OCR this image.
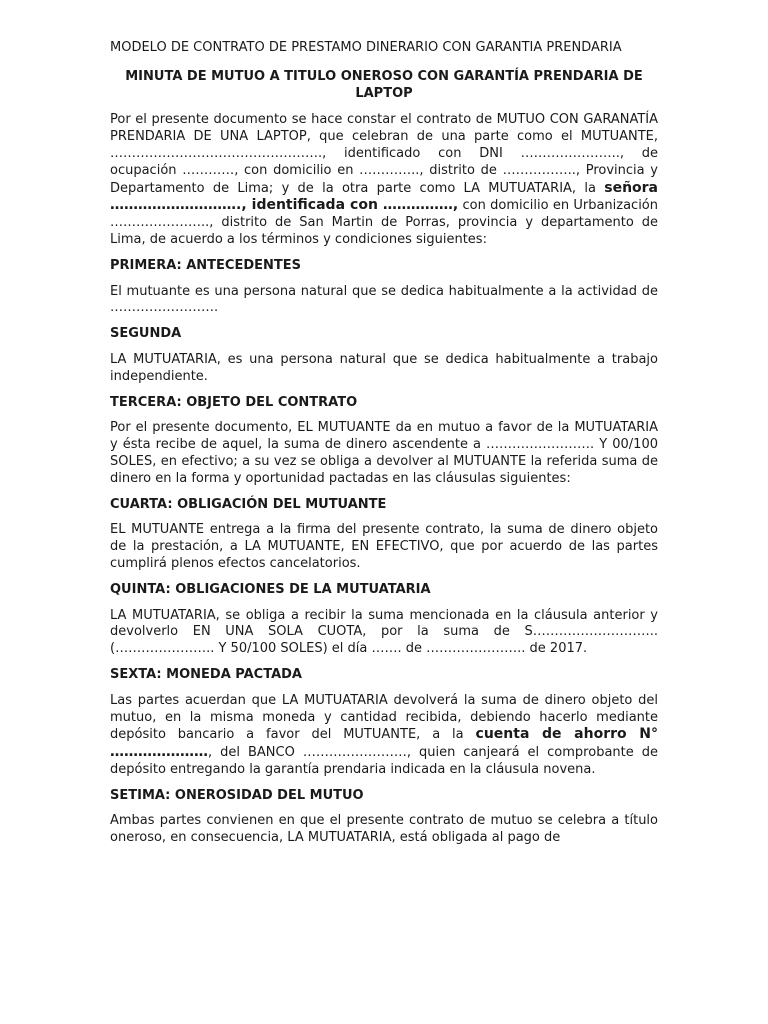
MODELO DE CONTRATO DE PRESTAMO DINERARIO CON GARANTIA PRENDARIA

MINUTA DE MUTUO A TITULO ONEROSO CON GARANTÍA PRENDARIA DE LAPTOP

Por el presente documento se hace constar el contrato de MUTUO CON GARANATÍA PRENDARIA DE UNA LAPTOP, que celebran de una parte como el MUTUANTE, …………………………………………., identificado con DNI ………………….., de ocupación …………, con domicilio en ………….., distrito de …………….., Provincia y Departamento de Lima; y de la otra parte como LA MUTUATARIA, la señora ………………………., identificada con ……………, con domicilio en Urbanización ………………….., distrito de San Martin de Porras, provincia y departamento de Lima, de acuerdo a los términos y condiciones siguientes:

PRIMERA: ANTECEDENTES

El mutuante es una persona natural que se dedica habitualmente a la actividad de …………………….

SEGUNDA

LA MUTUATARIA, es una persona natural que se dedica habitualmente a trabajo independiente.

TERCERA: OBJETO DEL CONTRATO

Por el presente documento, EL MUTUANTE da en mutuo a favor de la MUTUATARIA y ésta recibe de aquel, la suma de dinero ascendente a ……………………. Y 00/100 SOLES, en efectivo; a su vez se obliga a devolver al MUTUANTE la referida suma de dinero en la forma y oportunidad pactadas en las cláusulas siguientes:

CUARTA: OBLIGACIÓN DEL MUTUANTE

EL MUTUANTE entrega a la firma del presente contrato, la suma de dinero objeto de la prestación, a LA MUTUANTE, EN EFECTIVO, que por acuerdo de las partes cumplirá plenos efectos cancelatorios.

QUINTA: OBLIGACIONES DE LA MUTUATARIA

LA MUTUATARIA, se obliga a recibir la suma mencionada en la cláusula anterior y devolverlo EN UNA SOLA CUOTA, por la suma de S……………………….. (………………….. Y 50/100 SOLES) el día ……. de ………………….. de 2017.

SEXTA: MONEDA PACTADA

Las partes acuerdan que LA MUTUATARIA devolverá la suma de dinero objeto del mutuo, en la misma moneda y cantidad recibida, debiendo hacerlo mediante depósito bancario a favor del MUTUANTE, a la cuenta de ahorro N° …………………, del BANCO ……………………, quien canjeará el comprobante de depósito entregando la garantía prendaria indicada en la cláusula novena.

SETIMA: ONEROSIDAD DEL MUTUO

Ambas partes convienen en que el presente contrato de mutuo se celebra a título oneroso, en consecuencia, LA MUTUATARIA, está obligada al pago de
